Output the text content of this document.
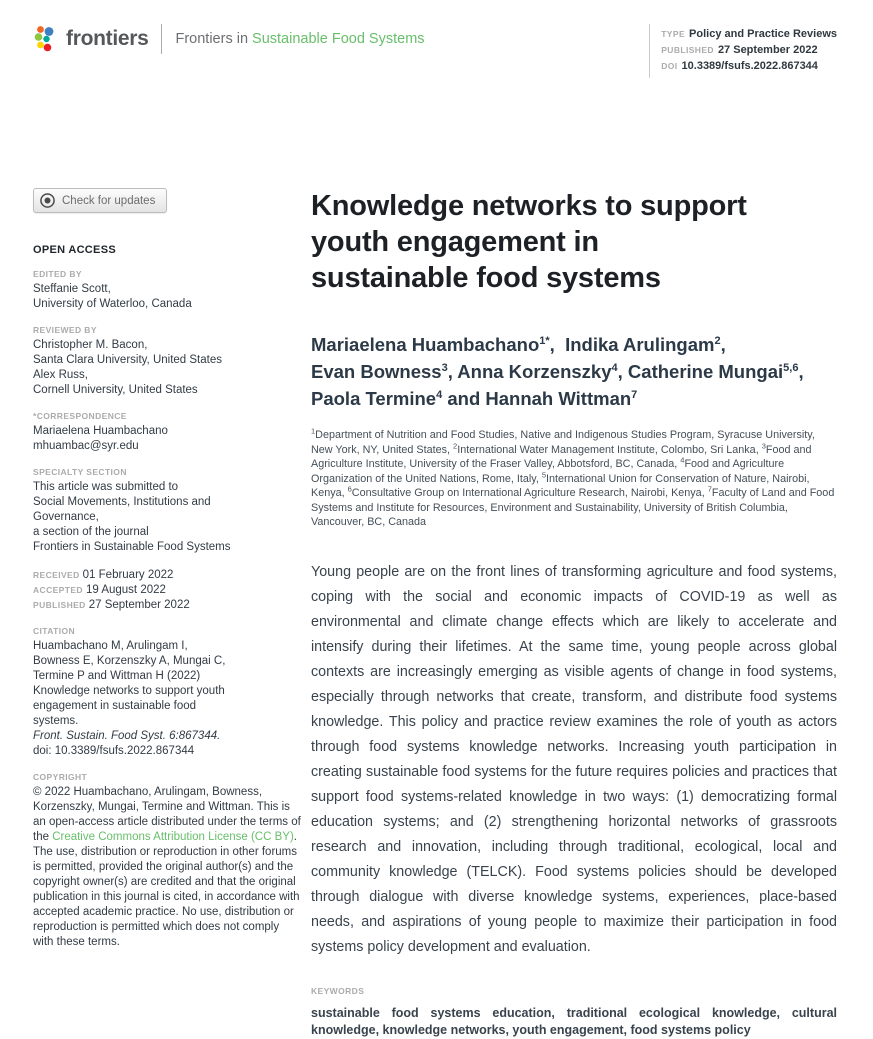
frontiers Frontiers in Sustainable Food Systems	TYPE Policy and Practice Reviews
PUBLISHED 27 September 2022
DOI 10.3389/fsufs.2022.867344
Check for updates
OPEN ACCESS
EDITED BY
Steffanie Scott,
University of Waterloo, Canada
REVIEWED BY
Christopher M. Bacon,
Santa Clara University, United States
Alex Russ,
Cornell University, United States
*CORRESPONDENCE
Mariaelena Huambachano
mhuambac@syr.edu
SPECIALTY SECTION
This article was submitted to
Social Movements, Institutions and
Governance,
a section of the journal
Frontiers in Sustainable Food Systems
RECEIVED 01 February 2022
ACCEPTED 19 August 2022
PUBLISHED 27 September 2022
CITATION
Huambachano M, Arulingam I,
Bowness E, Korzenszky A, Mungai C,
Termine P and Wittman H (2022)
Knowledge networks to support youth
engagement in sustainable food
systems.
Front. Sustain. Food Syst. 6:867344.
doi: 10.3389/fsufs.2022.867344
COPYRIGHT
© 2022 Huambachano, Arulingam, Bowness, Korzenszky, Mungai, Termine and Wittman. This is an open-access article distributed under the terms of the Creative Commons Attribution License (CC BY). The use, distribution or reproduction in other forums is permitted, provided the original author(s) and the copyright owner(s) are credited and that the original publication in this journal is cited, in accordance with accepted academic practice. No use, distribution or reproduction is permitted which does not comply with these terms.
Knowledge networks to support
youth engagement in
sustainable food systems
Mariaelena Huambachano$^{1*}$,  Indika Arulingam$^2$,
Evan Bowness$^3$, Anna Korzenszky$^4$, Catherine Mungai$^{5,6}$,
Paola Termine$^4$ and Hannah Wittman$^7$

$^1$Department of Nutrition and Food Studies, Native and Indigenous Studies Program, Syracuse University, New York, NY, United States, $^2$International Water Management Institute, Colombo, Sri Lanka, $^3$Food and Agriculture Institute, University of the Fraser Valley, Abbotsford, BC, Canada, $^4$Food and Agriculture Organization of the United Nations, Rome, Italy, $^5$International Union for Conservation of Nature, Nairobi, Kenya, $^6$Consultative Group on International Agriculture Research, Nairobi, Kenya, $^7$Faculty of Land and Food Systems and Institute for Resources, Environment and Sustainability, University of British Columbia, Vancouver, BC, Canada

Young people are on the front lines of transforming agriculture and food systems, coping with the social and economic impacts of COVID-19 as well as environmental and climate change effects which are likely to accelerate and intensify during their lifetimes. At the same time, young people across global contexts are increasingly emerging as visible agents of change in food systems, especially through networks that create, transform, and distribute food systems knowledge. This policy and practice review examines the role of youth as actors through food systems knowledge networks. Increasing youth participation in creating sustainable food systems for the future requires policies and practices that support food systems-related knowledge in two ways: (1) democratizing formal education systems; and (2) strengthening horizontal networks of grassroots research and innovation, including through traditional, ecological, local and community knowledge (TELCK). Food systems policies should be developed through dialogue with diverse knowledge systems, experiences, place-based needs, and aspirations of young people to maximize their participation in food systems policy development and evaluation.

KEYWORDS

sustainable food systems education, traditional ecological knowledge, cultural knowledge, knowledge networks, youth engagement, food systems policy
